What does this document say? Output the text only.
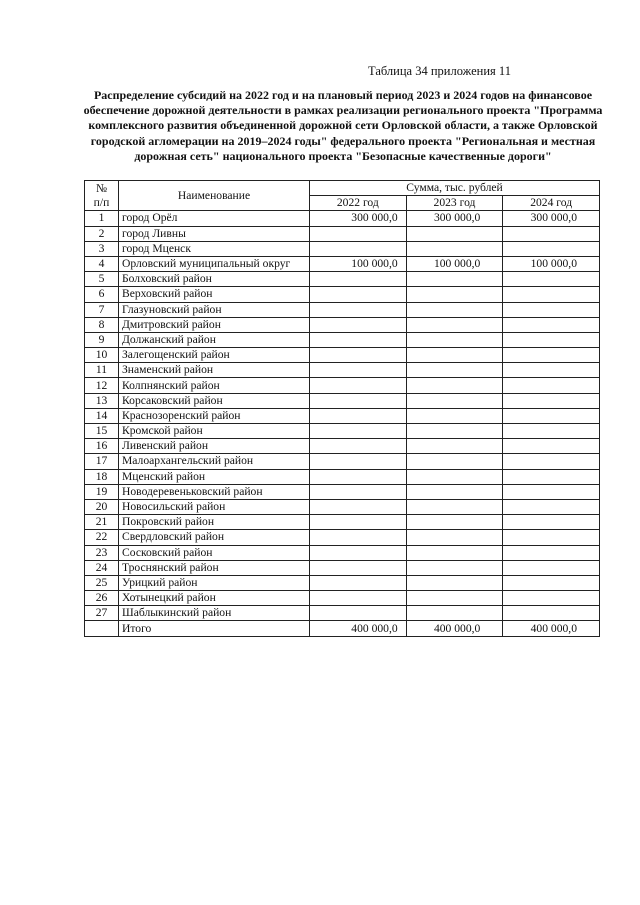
Таблица 34 приложения 11
Распределение субсидий на 2022 год и на плановый период 2023 и 2024 годов на финансовое обеспечение дорожной деятельности в рамках реализации регионального проекта "Программа комплексного развития объединенной дорожной сети Орловской области, а также Орловской городской агломерации на 2019–2024 годы" федерального проекта "Региональная и местная дорожная сеть" национального проекта "Безопасные качественные дороги"
№
п/п	Наименование	Сумма, тыс. рублей		
		2022 год	2023 год	2024 год
1	город Орёл	300 000,0	300 000,0	300 000,0
2	город Ливны			
3	город Мценск			
4	Орловский муниципальный округ	100 000,0	100 000,0	100 000,0
5	Болховский район			
6	Верховский район			
7	Глазуновский район			
8	Дмитровский район			
9	Должанский район			
10	Залегощенский район			
11	Знаменский район			
12	Колпнянский район			
13	Корсаковский район			
14	Краснозоренский район			
15	Кромской район			
16	Ливенский район			
17	Малоархангельский район			
18	Мценский район			
19	Новодеревеньковский район			
20	Новосильский район			
21	Покровский район			
22	Свердловский район			
23	Сосковский район			
24	Троснянский район			
25	Урицкий район			
26	Хотынецкий район			
27	Шаблыкинский район			
	Итого	400 000,0	400 000,0	400 000,0
